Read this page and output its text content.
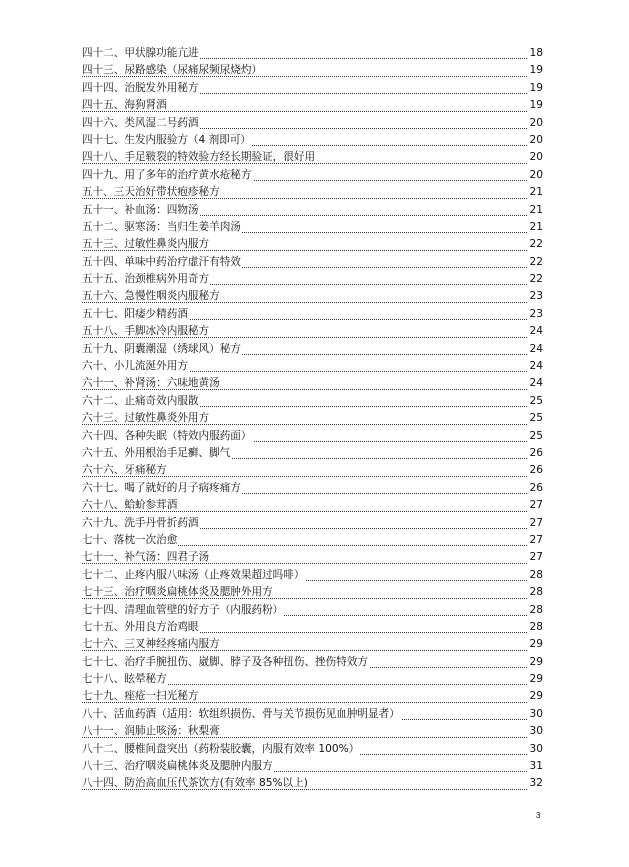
四十二、甲状腺功能亢进	18
四十三、尿路感染（尿痛尿频尿烧灼）	19
四十四、治脱发外用秘方	19
四十五、海狗肾酒	19
四十六、类风湿二号药酒	20
四十七、生发内服验方（4 剂即可）	20
四十八、手足皲裂的特效验方经长期验证，很好用	20
四十九、用了多年的治疗黄水疮秘方	20
五十、三天治好带状疱疹秘方	21
五十一、补血汤：四物汤	21
五十二、驱寒汤：当归生姜羊肉汤	21
五十三、过敏性鼻炎内服方	22
五十四、单味中药治疗虚汗有特效	22
五十五、治颈椎病外用奇方	22
五十六、急慢性咽炎内服秘方	23
五十七、阳痿少精药酒	23
五十八、手脚冰冷内服秘方	24
五十九、阴囊潮湿（绣球风）秘方	24
六十、小儿流涎外用方	24
六十一、补肾汤：六味地黄汤	24
六十二、止痛奇效内服散	25
六十三、过敏性鼻炎外用方	25
六十四、各种失眠（特效内服药面）	25
六十五、外用根治手足癣、脚气	26
六十六、牙痛秘方	26
六十七、喝了就好的月子病疼痛方	26
六十八、蛤蚧参茸酒	27
六十九、洗手丹骨折药酒	27
七十、落枕一次治愈	27
七十一、补气汤：四君子汤	27
七十二、止疼内服八味汤（止疼效果超过吗啡）	28
七十三、治疗咽炎扁桃体炎及腮肿外用方	28
七十四、清理血管壁的好方子（内服药粉）	28
七十五、外用良方治鸡眼	28
七十六、三叉神经疼痛内服方	29
七十七、治疗手腕扭伤、崴脚、脖子及各种扭伤、挫伤特效方	29
七十八、眩晕秘方	29
七十九、痤疮一扫光秘方	29
八十、活血药酒（适用：软组织损伤、骨与关节损伤见血肿明显者）	30
八十一、润肺止咳汤：秋梨膏	30
八十二、腰椎间盘突出（药粉装胶囊，内服有效率 100%）	30
八十三、治疗咽炎扁桃体炎及腮肿内服方	31
八十四、防治高血压代茶饮方(有效率 85%以上)	32
3
